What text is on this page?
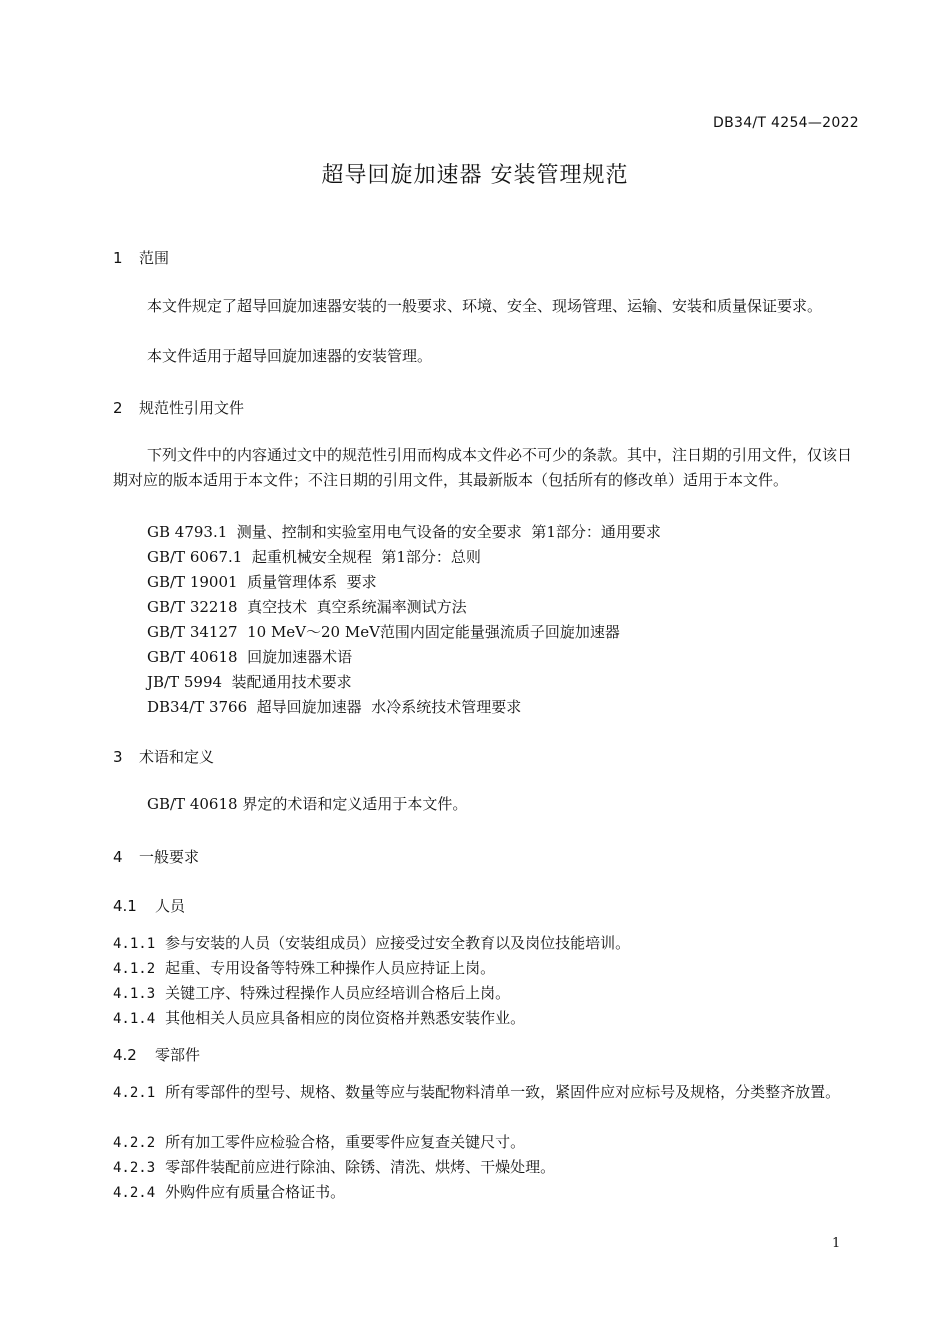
DB34/T 4254—2022
超导回旋加速器 安装管理规范
1 范围
本文件规定了超导回旋加速器安装的一般要求、环境、安全、现场管理、运输、安装和质量保证要求。
本文件适用于超导回旋加速器的安装管理。
2 规范性引用文件
下列文件中的内容通过文中的规范性引用而构成本文件必不可少的条款。其中，注日期的引用文件，仅该日期对应的版本适用于本文件；不注日期的引用文件，其最新版本（包括所有的修改单）适用于本文件。
GB 4793.1  测量、控制和实验室用电气设备的安全要求  第1部分：通用要求
GB/T 6067.1  起重机械安全规程  第1部分：总则
GB/T 19001  质量管理体系  要求
GB/T 32218  真空技术  真空系统漏率测试方法
GB/T 34127  10 MeV～20 MeV范围内固定能量强流质子回旋加速器
GB/T 40618  回旋加速器术语
JB/T 5994  装配通用技术要求
DB34/T 3766  超导回旋加速器  水冷系统技术管理要求
3 术语和定义
GB/T 40618 界定的术语和定义适用于本文件。
4 一般要求
4.1 人员
4.1.1 参与安装的人员（安装组成员）应接受过安全教育以及岗位技能培训。
4.1.2 起重、专用设备等特殊工种操作人员应持证上岗。
4.1.3 关键工序、特殊过程操作人员应经培训合格后上岗。
4.1.4 其他相关人员应具备相应的岗位资格并熟悉安装作业。
4.2 零部件
4.2.1 所有零部件的型号、规格、数量等应与装配物料清单一致，紧固件应对应标号及规格，分类整齐放置。
4.2.2 所有加工零件应检验合格，重要零件应复查关键尺寸。
4.2.3 零部件装配前应进行除油、除锈、清洗、烘烤、干燥处理。
4.2.4 外购件应有质量合格证书。
1
